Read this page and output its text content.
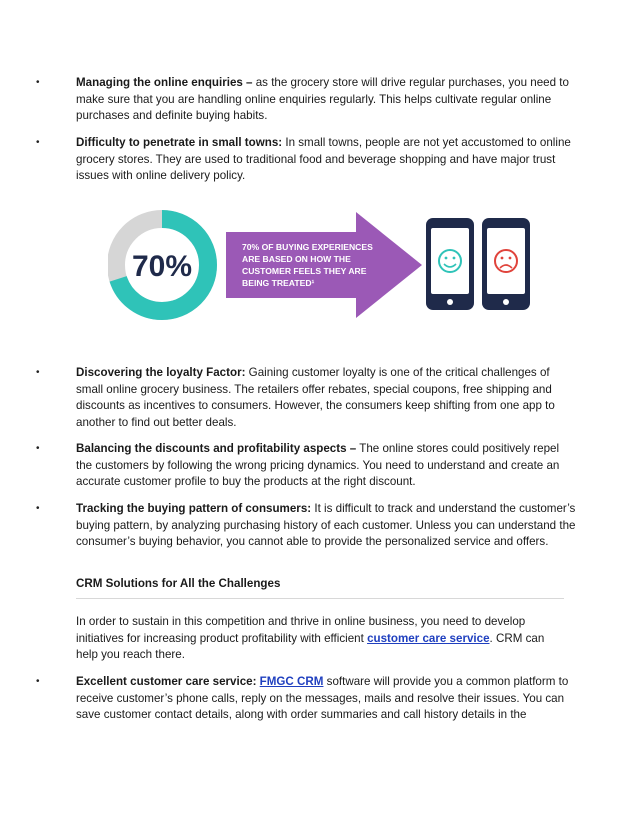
•	Managing the online enquiries – as the grocery store will drive regular purchases, you need to make sure that you are handling online enquiries regularly. This helps cultivate regular online purchases and definite buying habits.
•	Difficulty to penetrate in small towns: In small towns, people are not yet accustomed to online grocery stores. They are used to traditional food and beverage shopping and have major trust issues with online delivery policy.
70%
70% OF BUYING EXPERIENCES ARE BASED ON HOW THE CUSTOMER FEELS THEY ARE BEING TREATED¹
•	Discovering the loyalty Factor: Gaining customer loyalty is one of the critical challenges of small online grocery business. The retailers offer rebates, special coupons, free shipping and discounts as incentives to consumers. However, the consumers keep shifting from one app to another to find out better deals.
•	Balancing the discounts and profitability aspects – The online stores could positively repel the customers by following the wrong pricing dynamics. You need to understand and create an accurate customer profile to buy the products at the right discount.
•	Tracking the buying pattern of consumers: It is difficult to track and understand the customer’s buying pattern, by analyzing purchasing history of each customer. Unless you can understand the consumer’s buying behavior, you cannot able to provide the personalized service and offers.
CRM Solutions for All the Challenges
In order to sustain in this competition and thrive in online business, you need to develop initiatives for increasing product profitability with efficient customer care service. CRM can help you reach there.
•	Excellent customer care service: FMGC CRM software will provide you a common platform to receive customer’s phone calls, reply on the messages, mails and resolve their issues. You can save customer contact details, along with order summaries and call history details in the
